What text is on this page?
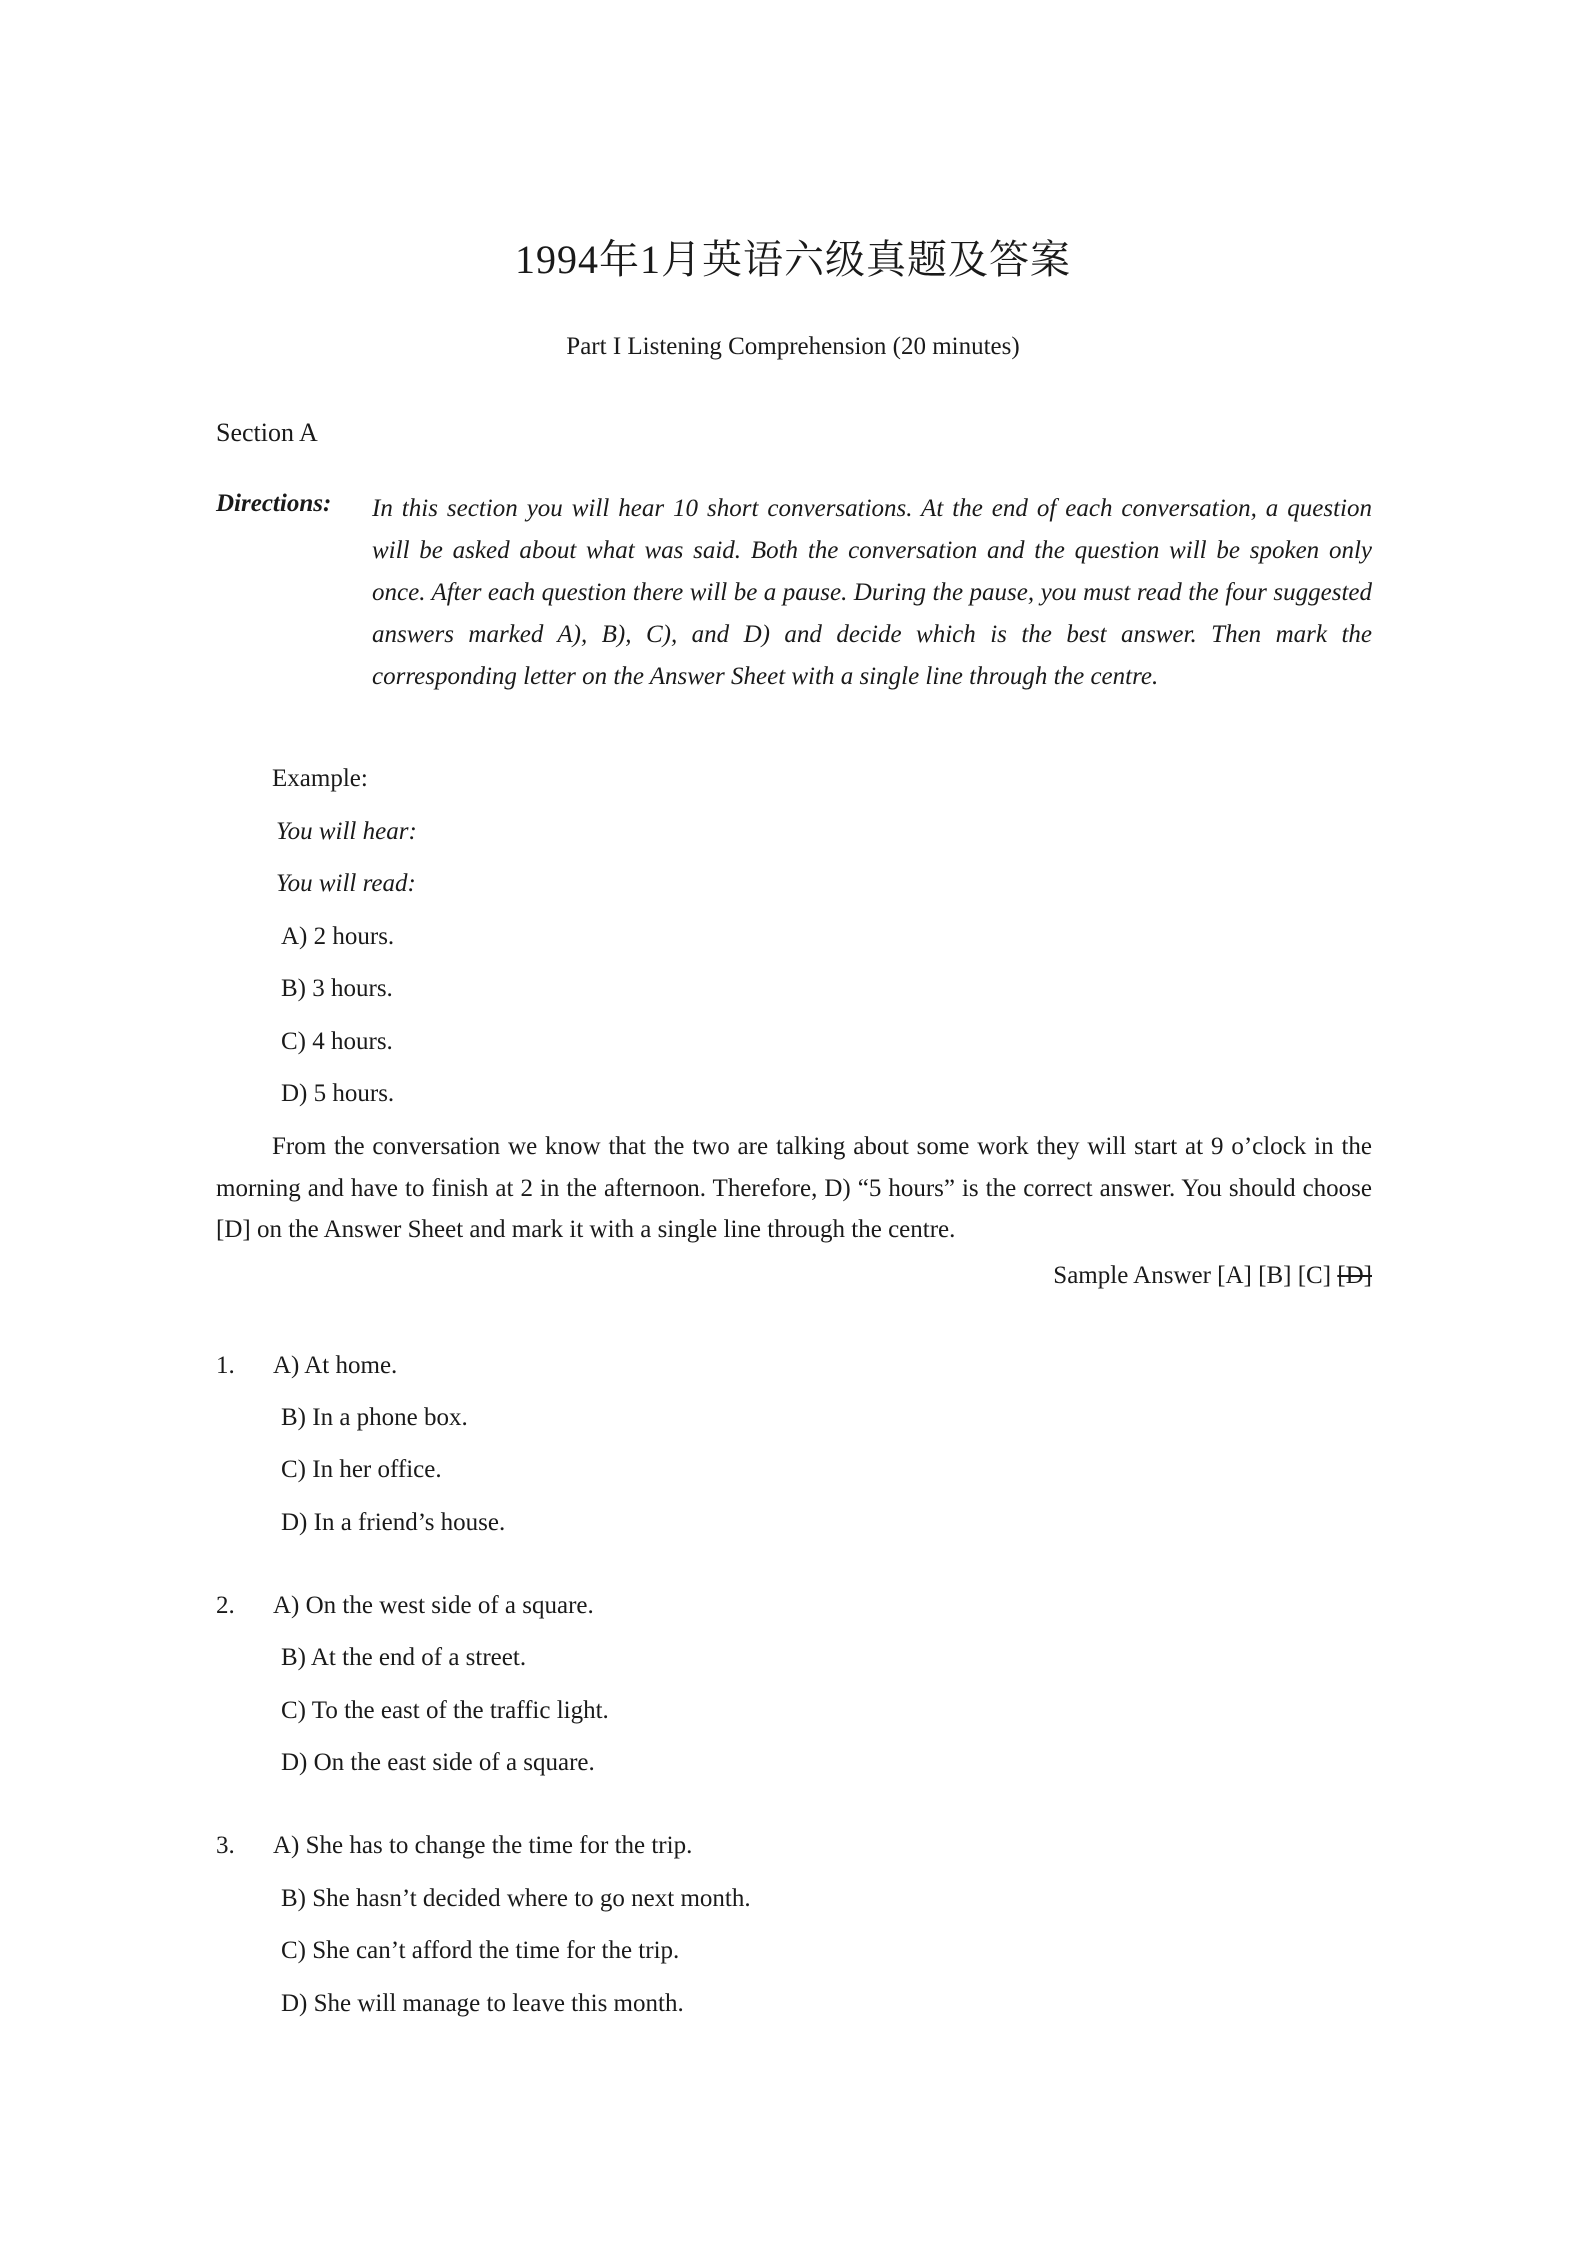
1994年1月英语六级真题及答案
Part I Listening Comprehension (20 minutes)
Section A
Directions: In this section you will hear 10 short conversations. At the end of each conversation, a question will be asked about what was said. Both the conversation and the question will be spoken only once. After each question there will be a pause. During the pause, you must read the four suggested answers marked A), B), C), and D) and decide which is the best answer. Then mark the corresponding letter on the Answer Sheet with a single line through the centre.
Example:
You will hear:
You will read:
A) 2 hours.
B) 3 hours.
C) 4 hours.
D) 5 hours.
From the conversation we know that the two are talking about some work they will start at 9 o’clock in the morning and have to finish at 2 in the afternoon. Therefore, D) “5 hours” is the correct answer. You should choose [D] on the Answer Sheet and mark it with a single line through the centre.
Sample Answer [A] [B] [C] [D]
1. A) At home.
B) In a phone box.
C) In her office.
D) In a friend’s house.
2. A) On the west side of a square.
B) At the end of a street.
C) To the east of the traffic light.
D) On the east side of a square.
3. A) She has to change the time for the trip.
B) She hasn’t decided where to go next month.
C) She can’t afford the time for the trip.
D) She will manage to leave this month.
